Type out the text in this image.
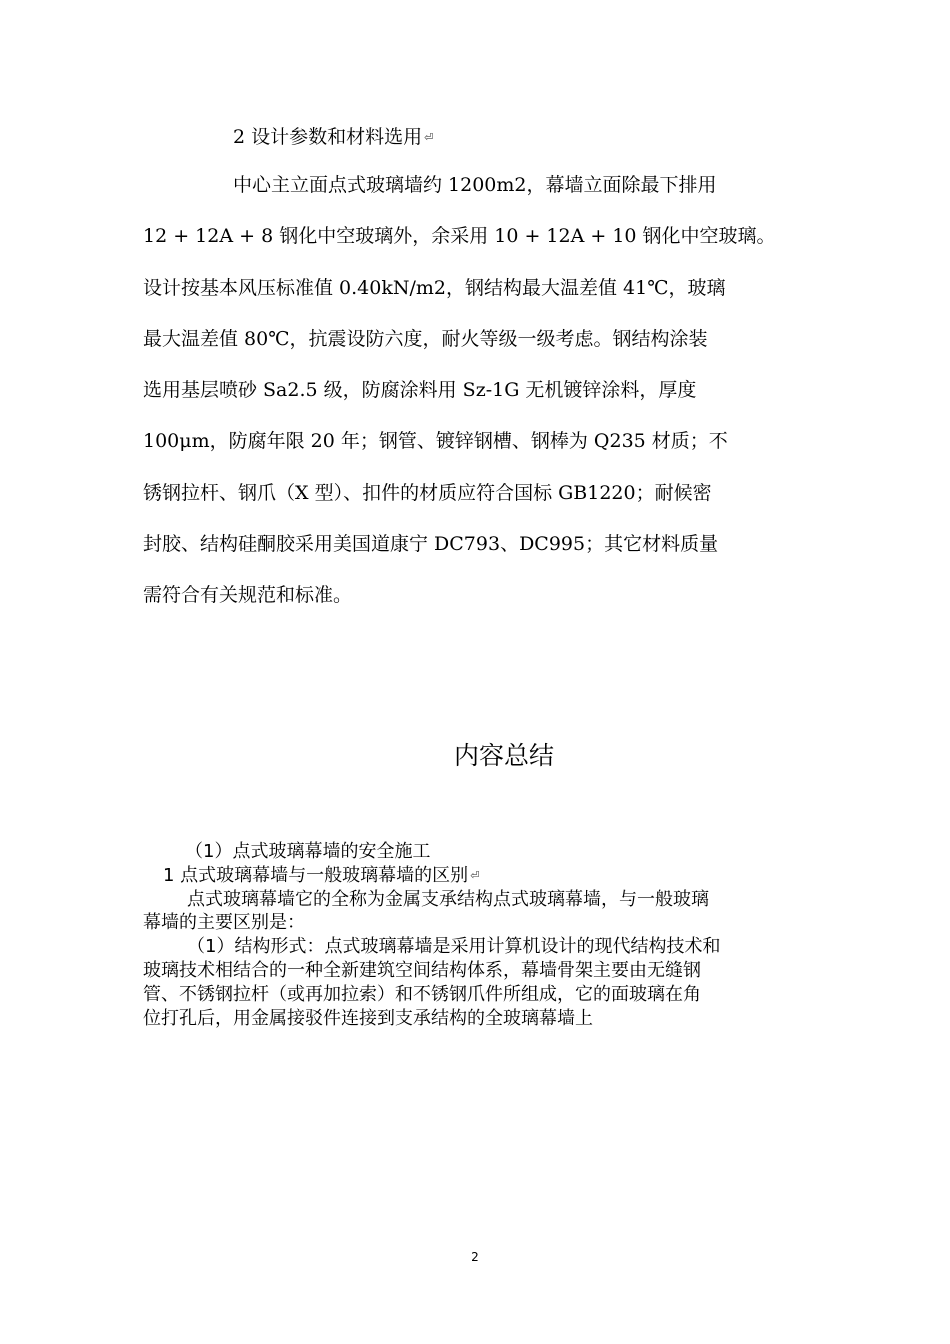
2 设计参数和材料选用 ⏎
中心主立面点式玻璃墙约 1200m2，幕墙立面除最下排用
12 + 12A + 8 钢化中空玻璃外，余采用 10 + 12A + 10 钢化中空玻璃。
设计按基本风压标准值 0.40kN/m2，钢结构最大温差值 41℃，玻璃
最大温差值 80℃，抗震设防六度，耐火等级一级考虑。钢结构涂装
选用基层喷砂 Sa2.5 级，防腐涂料用 Sz-1G 无机镀锌涂料，厚度
100μm，防腐年限 20 年；钢管、镀锌钢槽、钢棒为 Q235 材质；不
锈钢拉杆、钢爪（X 型）、扣件的材质应符合国标 GB1220；耐候密
封胶、结构硅酮胶采用美国道康宁 DC793、DC995；其它材料质量
需符合有关规范和标准。
内容总结
（1）点式玻璃幕墙的安全施工
1 点式玻璃幕墙与一般玻璃幕墙的区别 ⏎
点式玻璃幕墙它的全称为金属支承结构点式玻璃幕墙，与一般玻璃
幕墙的主要区别是：
（1）结构形式：点式玻璃幕墙是采用计算机设计的现代结构技术和
玻璃技术相结合的一种全新建筑空间结构体系，幕墙骨架主要由无缝钢
管、不锈钢拉杆（或再加拉索）和不锈钢爪件所组成，它的面玻璃在角
位打孔后，用金属接驳件连接到支承结构的全玻璃幕墙上
2
